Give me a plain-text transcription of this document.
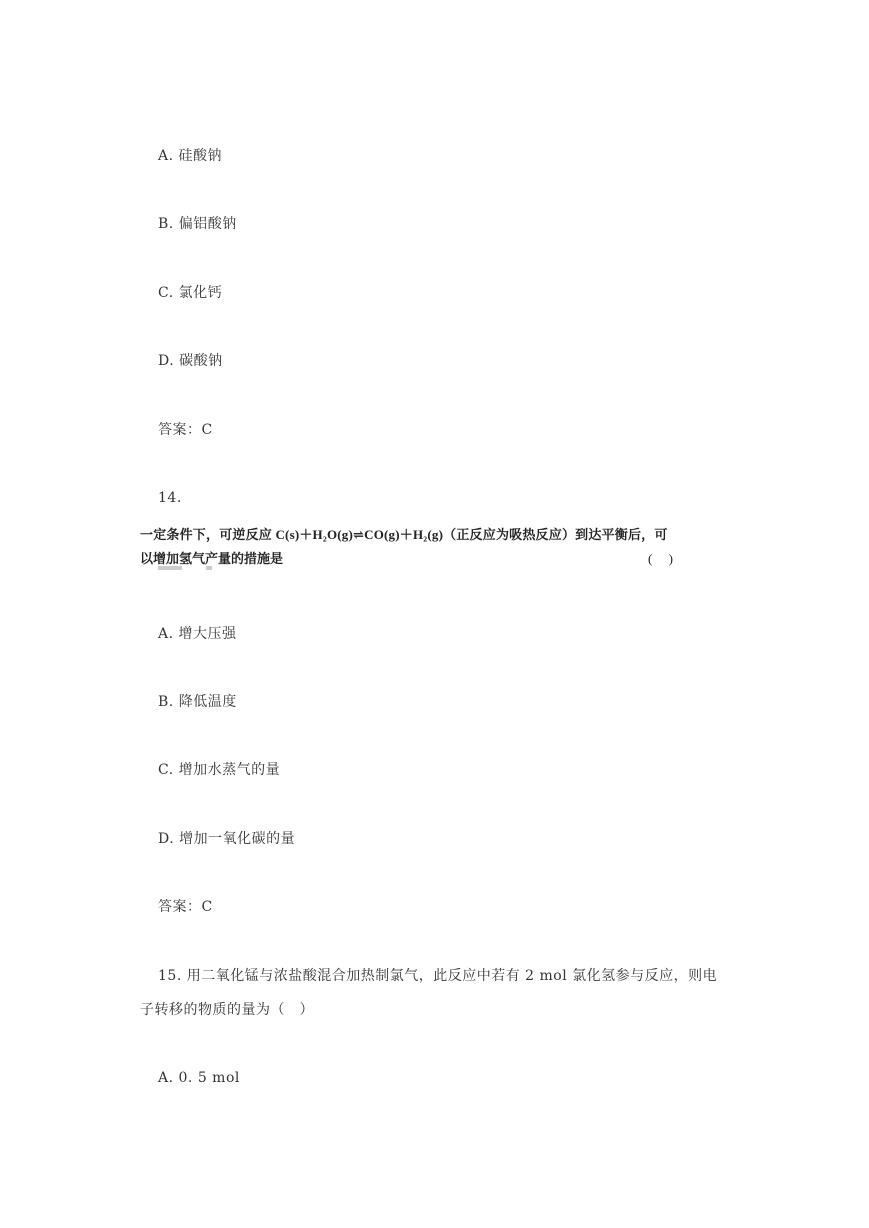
A. 硅酸钠
B. 偏铝酸钠
C. 氯化钙
D. 碳酸钠
答案：C
14.
一定条件下，可逆反应 C(s)＋H₂O(g)⇌CO(g)＋H₂(g)（正反应为吸热反应）到达平衡后，可
以增加氢气产量的措施是	(　 )
A. 增大压强
B. 降低温度
C. 增加水蒸气的量
D. 增加一氧化碳的量
答案：C
15. 用二氧化锰与浓盐酸混合加热制氯气，此反应中若有 2 mol 氯化氢参与反应，则电
子转移的物质的量为（　）
A. 0. 5 mol
